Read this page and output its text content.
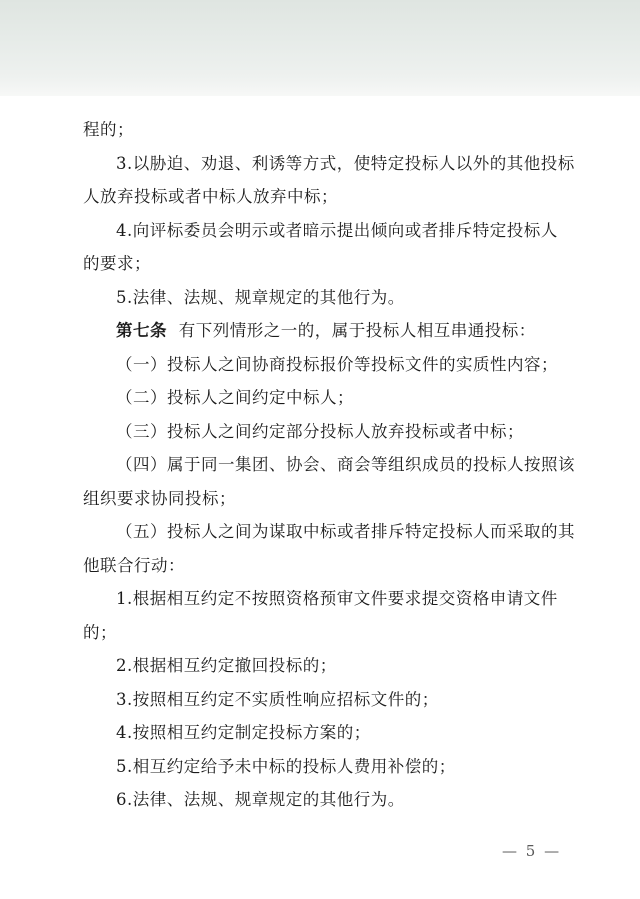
程的；
3.以胁迫、劝退、利诱等方式，使特定投标人以外的其他投标
人放弃投标或者中标人放弃中标；
4.向评标委员会明示或者暗示提出倾向或者排斥特定投标人
的要求；
5.法律、法规、规章规定的其他行为。
第七条 有下列情形之一的，属于投标人相互串通投标：
（一）投标人之间协商投标报价等投标文件的实质性内容；
（二）投标人之间约定中标人；
（三）投标人之间约定部分投标人放弃投标或者中标；
（四）属于同一集团、协会、商会等组织成员的投标人按照该
组织要求协同投标；
（五）投标人之间为谋取中标或者排斥特定投标人而采取的其
他联合行动：
1.根据相互约定不按照资格预审文件要求提交资格申请文件
的；
2.根据相互约定撤回投标的；
3.按照相互约定不实质性响应招标文件的；
4.按照相互约定制定投标方案的；
5.相互约定给予未中标的投标人费用补偿的；
6.法律、法规、规章规定的其他行为。
— 5 —
